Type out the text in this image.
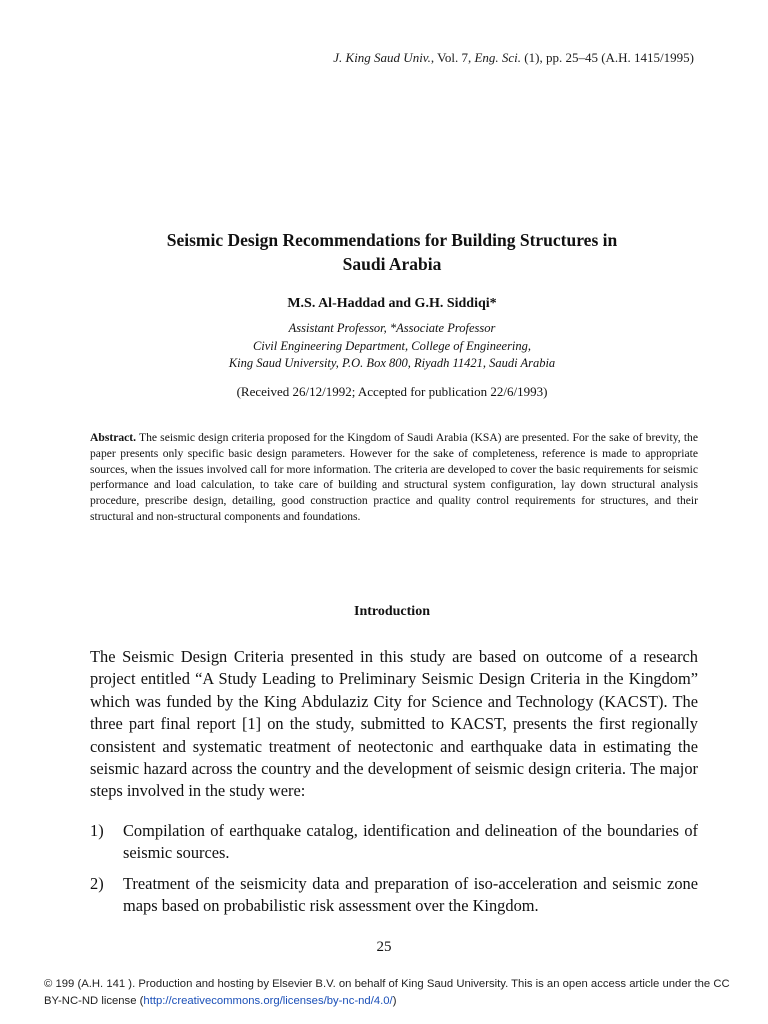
J. King Saud Univ., Vol. 7, Eng. Sci. (1), pp. 25–45 (A.H. 1415/1995)
Seismic Design Recommendations for Building Structures in
Saudi Arabia
M.S. Al-Haddad and G.H. Siddiqi*
Assistant Professor, *Associate Professor
Civil Engineering Department, College of Engineering,
King Saud University, P.O. Box 800, Riyadh 11421, Saudi Arabia
(Received 26/12/1992; Accepted for publication 22/6/1993)
Abstract. The seismic design criteria proposed for the Kingdom of Saudi Arabia (KSA) are presented. For the sake of brevity, the paper presents only specific basic design parameters. However for the sake of completeness, reference is made to appropriate sources, when the issues involved call for more information. The criteria are developed to cover the basic requirements for seismic performance and load calculation, to take care of building and structural system configuration, lay down structural analysis procedure, prescribe design, detailing, good construction practice and quality control requirements for structures, and their structural and non-structural components and foundations.
Introduction

The Seismic Design Criteria presented in this study are based on outcome of a research project entitled “A Study Leading to Preliminary Seismic Design Criteria in the Kingdom” which was funded by the King Abdulaziz City for Science and Technology (KACST). The three part final report [1] on the study, submitted to KACST, presents the first regionally consistent and systematic treatment of neotectonic and earthquake data in estimating the seismic hazard across the country and the development of seismic design criteria. The major steps involved in the study were:

1)	Compilation of earthquake catalog, identification and delineation of the boundaries of seismic sources.
2)	Treatment of the seismicity data and preparation of iso-acceleration and seismic zone maps based on probabilistic risk assessment over the Kingdom.
25
© 199 (A.H. 141 ). Production and hosting by Elsevier B.V. on behalf of King Saud University. This is an open access article under the CC BY-NC-ND license (http://creativecommons.org/licenses/by-nc-nd/4.0/)
